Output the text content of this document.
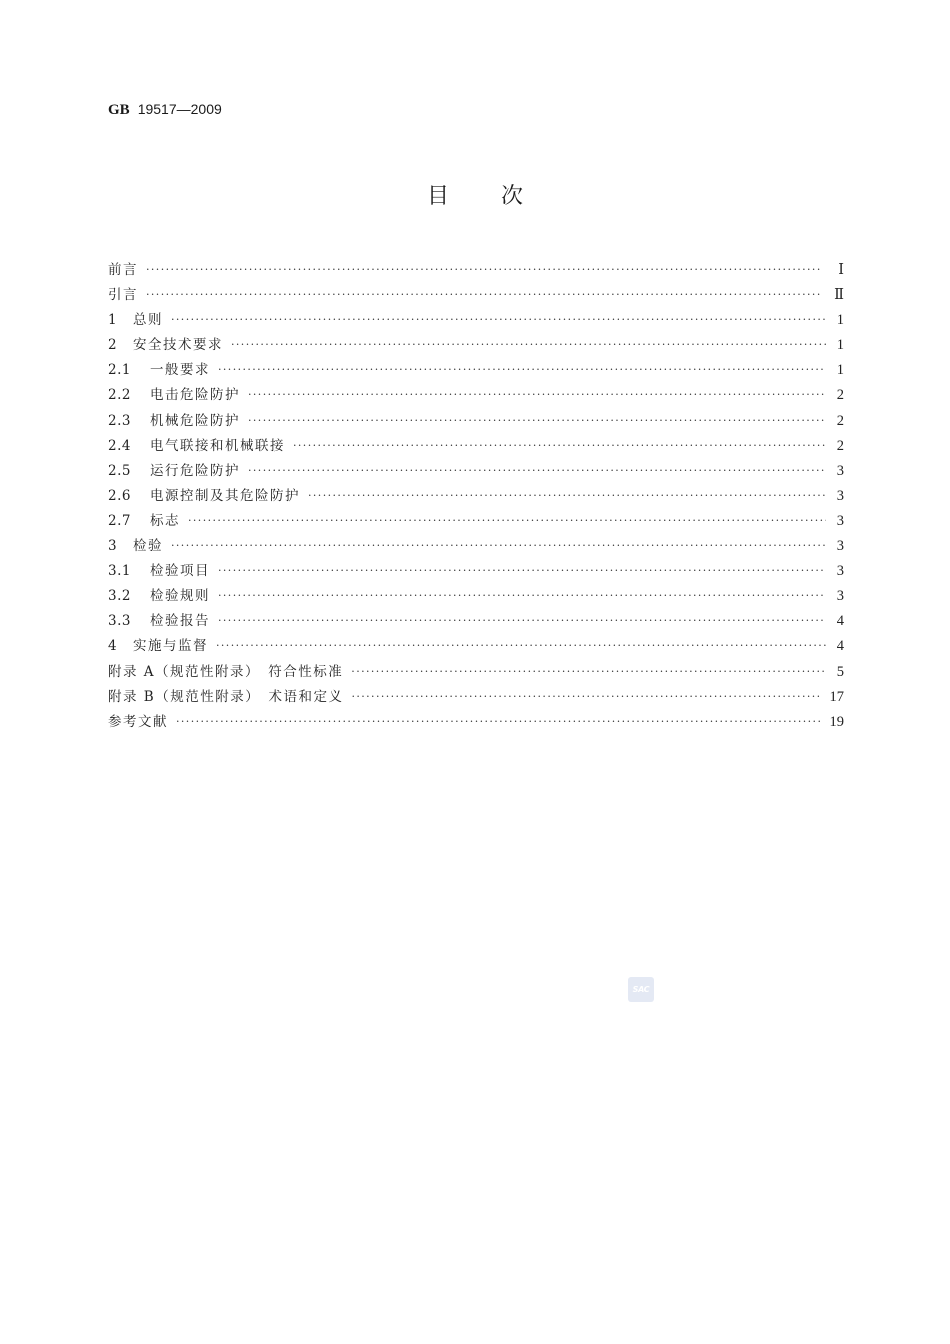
GB 19517—2009
目 次
前言 ·····	Ⅰ
引言 ·····	Ⅱ
1 总则 ·····	1
2 安全技术要求 ·····	1
2.1 一般要求 ·····	1
2.2 电击危险防护 ·····	2
2.3 机械危险防护 ·····	2
2.4 电气联接和机械联接 ·····	2
2.5 运行危险防护 ·····	3
2.6 电源控制及其危险防护 ·····	3
2.7 标志 ·····	3
3 检验 ·····	3
3.1 检验项目 ·····	3
3.2 检验规则 ·····	3
3.3 检验报告 ·····	4
4 实施与监督 ·····	4
附录 A（规范性附录）　符合性标准 ·····	5
附录 B（规范性附录）　术语和定义 ·····	17
参考文献 ·····	19
SAC
